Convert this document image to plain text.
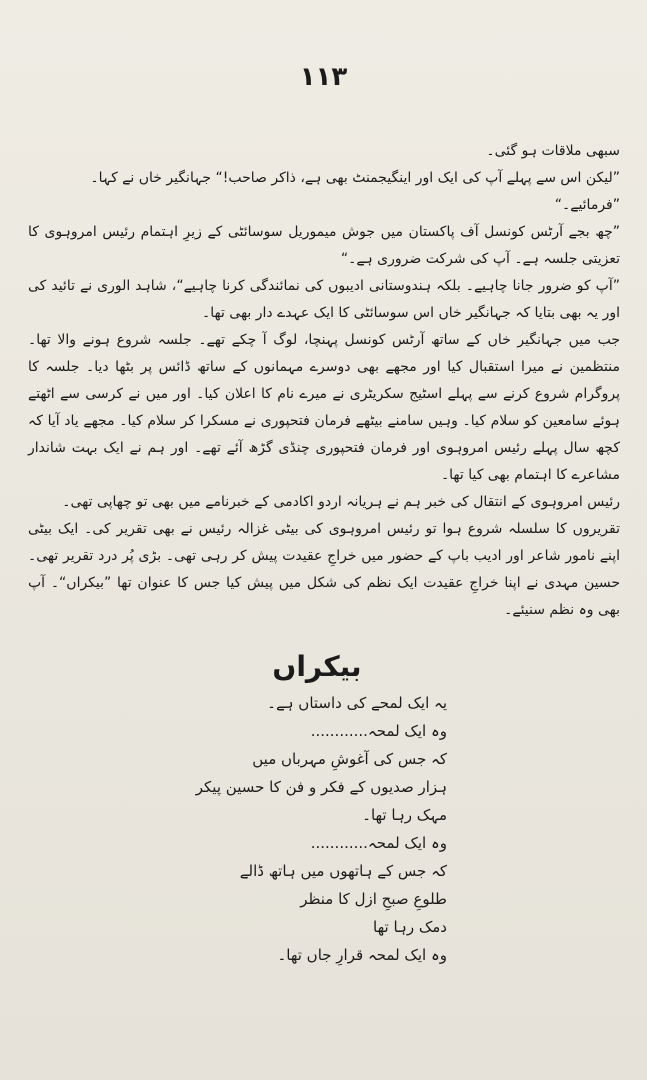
۱۱۳

سبھی ملاقات ہو گئی۔

”لیکن اس سے پہلے آپ کی ایک اور اینگیجمنٹ بھی ہے، ذاکر صاحب!“ جہانگیر خاں نے کہا۔

”فرمائیے۔“

”چھ بجے آرٹس کونسل آف پاکستان میں جوش میموریل سوسائٹی کے زیرِ اہتمام رئیس امروہوی کا تعزیتی جلسہ ہے۔ آپ کی شرکت ضروری ہے۔“

”آپ کو ضرور جانا چاہیے۔ بلکہ ہندوستانی ادیبوں کی نمائندگی کرنا چاہیے“، شاہد الوری نے تائید کی اور یہ بھی بتایا کہ جہانگیر خاں اس سوسائٹی کا ایک عہدے دار بھی تھا۔

جب میں جہانگیر خاں کے ساتھ آرٹس کونسل پہنچا، لوگ آ چکے تھے۔ جلسہ شروع ہونے والا تھا۔ منتظمین نے میرا استقبال کیا اور مجھے بھی دوسرے مہمانوں کے ساتھ ڈائس پر بٹھا دیا۔ جلسہ کا پروگرام شروع کرنے سے پہلے اسٹیج سکریٹری نے میرے نام کا اعلان کیا۔ اور میں نے کرسی سے اٹھتے ہوئے سامعین کو سلام کیا۔ وہیں سامنے بیٹھے فرمان فتحپوری نے مسکرا کر سلام کیا۔ مجھے یاد آیا کہ کچھ سال پہلے رئیس امروہوی اور فرمان فتحپوری چنڈی گڑھ آئے تھے۔ اور ہم نے ایک بہت شاندار مشاعرے کا اہتمام بھی کیا تھا۔

رئیس امروہوی کے انتقال کی خبر ہم نے ہریانہ اردو اکادمی کے خبرنامے میں بھی تو چھاپی تھی۔

تقریروں کا سلسلہ شروع ہوا تو رئیس امروہوی کی بیٹی غزالہ رئیس نے بھی تقریر کی۔ ایک بیٹی اپنے نامور شاعر اور ادیب باپ کے حضور میں خراجِ عقیدت پیش کر رہی تھی۔ بڑی پُر درد تقریر تھی۔ حسین مہدی نے اپنا خراجِ عقیدت ایک نظم کی شکل میں پیش کیا جس کا عنوان تھا ”بیکراں“۔ آپ بھی وہ نظم سنیئے۔

بیکراں
یہ ایک لمحے کی داستاں ہے۔
وہ ایک لمحہ............
کہ جس کی آغوشِ مہرباں میں
ہزار صدیوں کے فکر و فن کا حسین پیکر
مہک رہا تھا۔
وہ ایک لمحہ............
کہ جس کے ہاتھوں میں ہاتھ ڈالے
طلوعِ صبحِ ازل کا منظر
دمک رہا تھا
وہ ایک لمحہ قرارِ جاں تھا۔
